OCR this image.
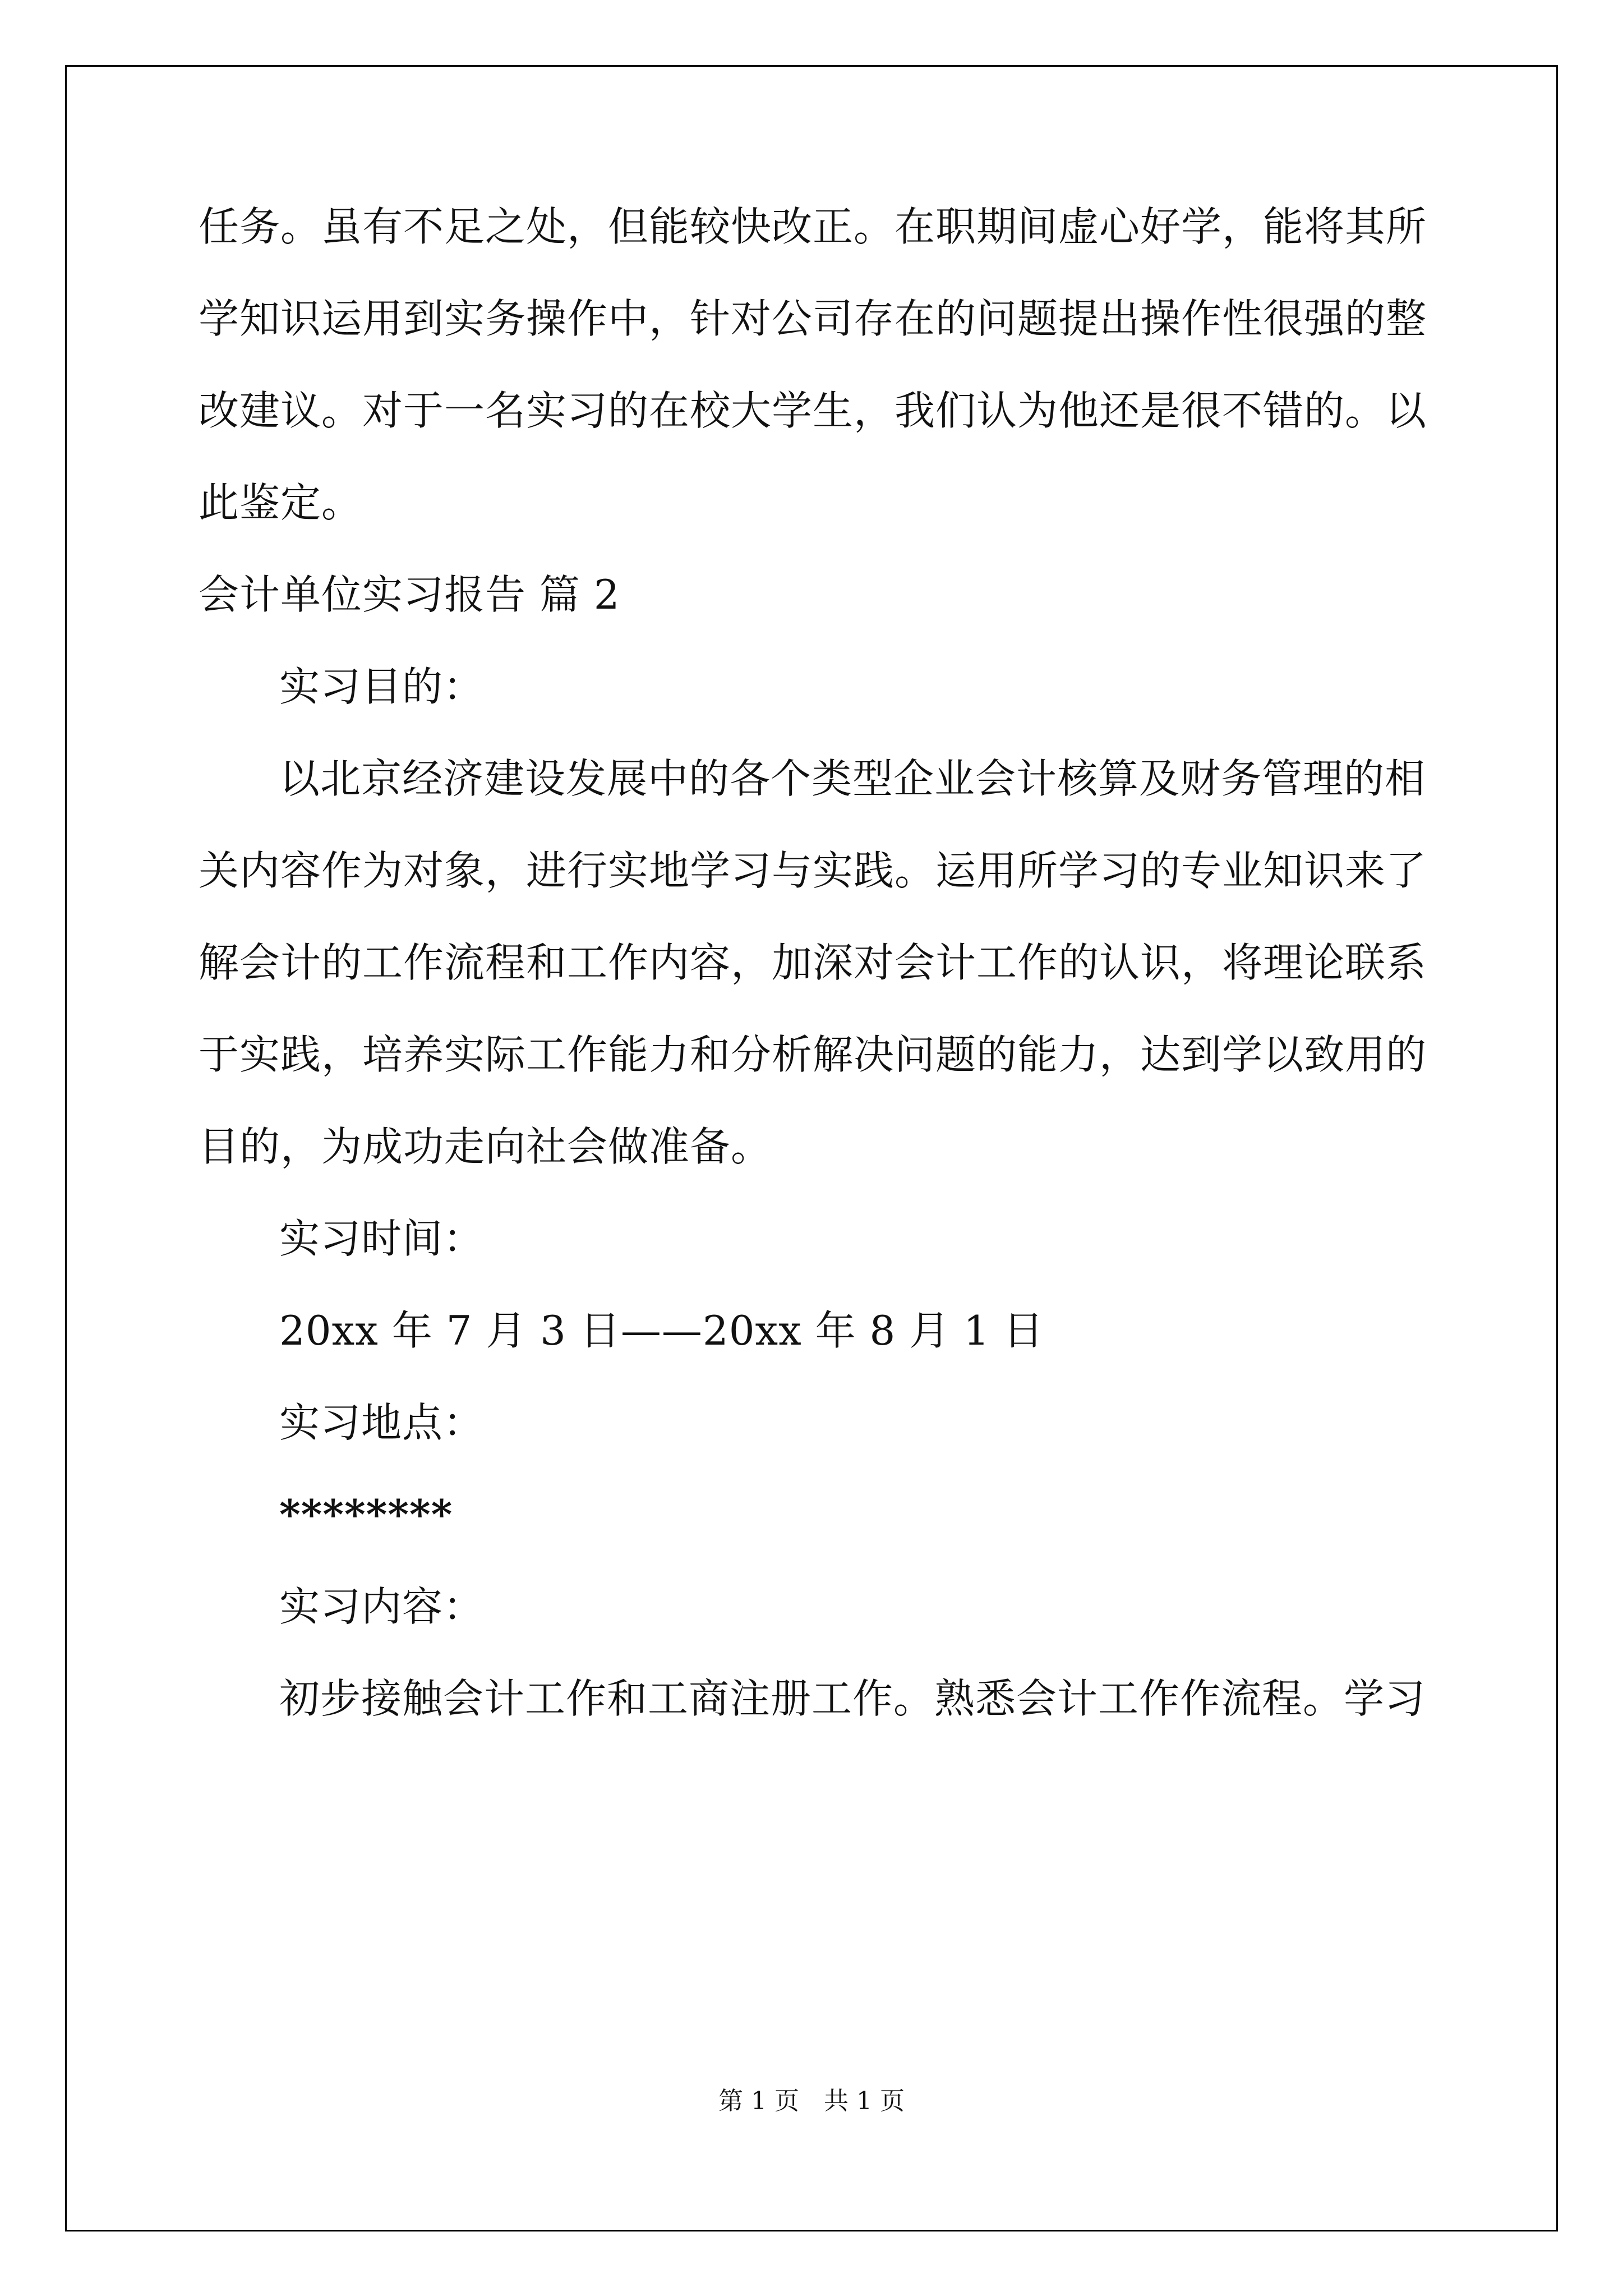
任务。虽有不足之处，但能较快改正。在职期间虚心好学，能将其所
学知识运用到实务操作中，针对公司存在的问题提出操作性很强的整
改建议。对于一名实习的在校大学生，我们认为他还是很不错的。以
此鉴定。
会计单位实习报告 篇 2
实习目的：
以北京经济建设发展中的各个类型企业会计核算及财务管理的相
关内容作为对象，进行实地学习与实践。运用所学习的专业知识来了
解会计的工作流程和工作内容，加深对会计工作的认识，将理论联系
于实践，培养实际工作能力和分析解决问题的能力，达到学以致用的
目的，为成功走向社会做准备。
实习时间：
20xx 年 7 月 3 日——20xx 年 8 月 1 日
实习地点：
********
实习内容：
初步接触会计工作和工商注册工作。熟悉会计工作作流程。学习
第 1 页　共 1 页
